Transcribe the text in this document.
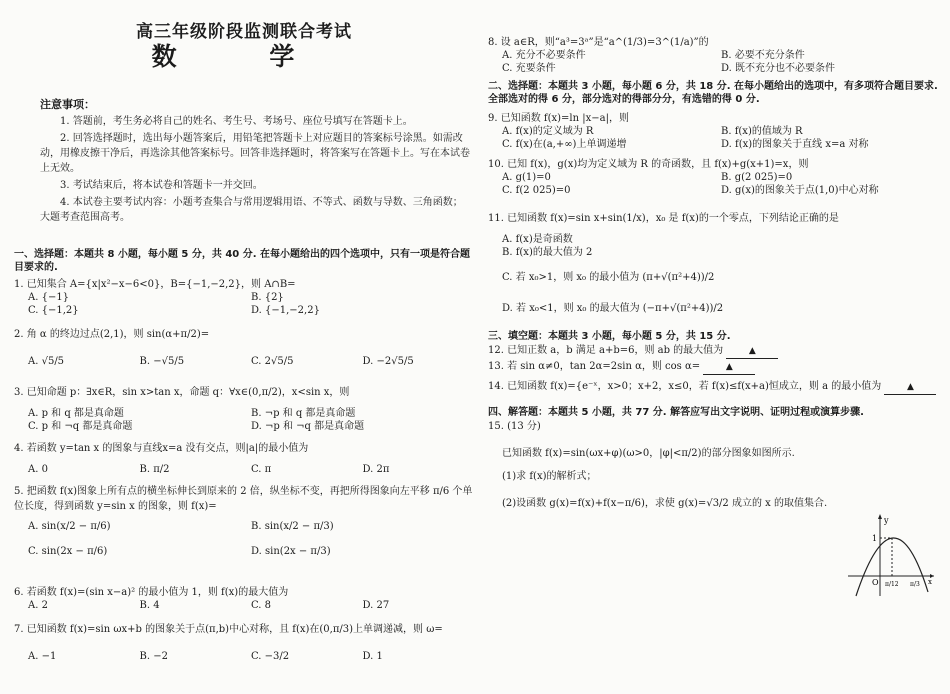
高三年级阶段监测联合考试
数 学
注意事项：

1. 答题前，考生务必将自己的姓名、考生号、考场号、座位号填写在答题卡上。

2. 回答选择题时，选出每小题答案后，用铅笔把答题卡上对应题目的答案标号涂黑。如需改动，用橡皮擦干净后，再选涂其他答案标号。回答非选择题时，将答案写在答题卡上。写在本试卷上无效。

3. 考试结束后，将本试卷和答题卡一并交回。

4. 本试卷主要考试内容：小题考查集合与常用逻辑用语、不等式、函数与导数、三角函数；大题考查范围高考。

一、选择题：本题共 8 小题，每小题 5 分，共 40 分. 在每小题给出的四个选项中，只有一项是符合题目要求的.

1. 已知集合 A={x|x²−x−6<0}，B={−1,−2,2}，则 A∩B=

A. {−1}	B. {2}
C. {−1,2}	D. {−1,−2,2}

2. 角 α 的终边过点(2,1)，则 sin(α+π/2)=

A. √5/5	B. −√5/5	C. 2√5/5	D. −2√5/5

3. 已知命题 p：∃x∈R，sin x>tan x，命题 q：∀x∈(0,π/2)，x<sin x，则

A. p 和 q 都是真命题	B. ¬p 和 q 都是真命题
C. p 和 ¬q 都是真命题	D. ¬p 和 ¬q 都是真命题

4. 若函数 y=tan x 的图象与直线x=a 没有交点，则|a|的最小值为

A. 0	B. π/2	C. π	D. 2π

5. 把函数 f(x)图象上所有点的横坐标伸长到原来的 2 倍，纵坐标不变，再把所得图象向左平移 π/6 个单位长度，得到函数 y=sin x 的图象，则 f(x)=

A. sin(x/2 − π/6)	B. sin(x/2 − π/3)
C. sin(2x − π/6)	D. sin(2x − π/3)

6. 若函数 f(x)=(sin x−a)² 的最小值为 1，则 f(x)的最大值为

A. 2	B. 4	C. 8	D. 27

7. 已知函数 f(x)=sin ωx+b 的图象关于点(π,b)中心对称，且 f(x)在(0,π/3)上单调递减，则 ω=

A. −1	B. −2	C. −3/2	D. 1

8. 设 a∈R，则“a³=3ᵃ”是“a^(1/3)=3^(1/a)”的

A. 充分不必要条件	B. 必要不充分条件
C. 充要条件	D. 既不充分也不必要条件
二、选择题：本题共 3 小题，每小题 6 分，共 18 分. 在每小题给出的选项中，有多项符合题目要求. 全部选对的得 6 分，部分选对的得部分分，有选错的得 0 分.

9. 已知函数 f(x)=ln |x−a|，则

A. f(x)的定义域为 R	B. f(x)的值域为 R
C. f(x)在(a,+∞)上单调递增	D. f(x)的图象关于直线 x=a 对称

10. 已知 f(x)，g(x)均为定义域为 R 的奇函数，且 f(x)+g(x+1)=x，则

A. g(1)=0	B. g(2 025)=0
C. f(2 025)=0	D. g(x)的图象关于点(1,0)中心对称

11. 已知函数 f(x)=sin x+sin(1/x)，x₀ 是 f(x)的一个零点，下列结论正确的是

A. f(x)是奇函数
B. f(x)的最大值为 2
C. 若 x₀>1，则 x₀ 的最小值为 (π+√(π²+4))/2
D. 若 x₀<1，则 x₀ 的最大值为 (−π+√(π²+4))/2
三、填空题：本题共 3 小题，每小题 5 分，共 15 分.
12. 已知正数 a，b 满足 a+b=6，则 ab 的最大值为	▲
13. 若 sin α≠0，tan 2α=2sin α，则 cos α=	▲
14. 已知函数 f(x)={e⁻ˣ，x>0；x+2，x≤0，若 f(x)≤f(x+a)恒成立，则 a 的最小值为	▲
四、解答题：本题共 5 小题，共 77 分. 解答应写出文字说明、证明过程或演算步骤.
15. (13 分)
已知函数 f(x)=sin(ωx+φ)(ω>0，|φ|<π/2)的部分图象如图所示.
(1)求 f(x)的解析式；
(2)设函数 g(x)=f(x)+f(x−π/6)，求使 g(x)=√3/2 成立的 x 的取值集合.
y
1
O	x
π/12 π/3
